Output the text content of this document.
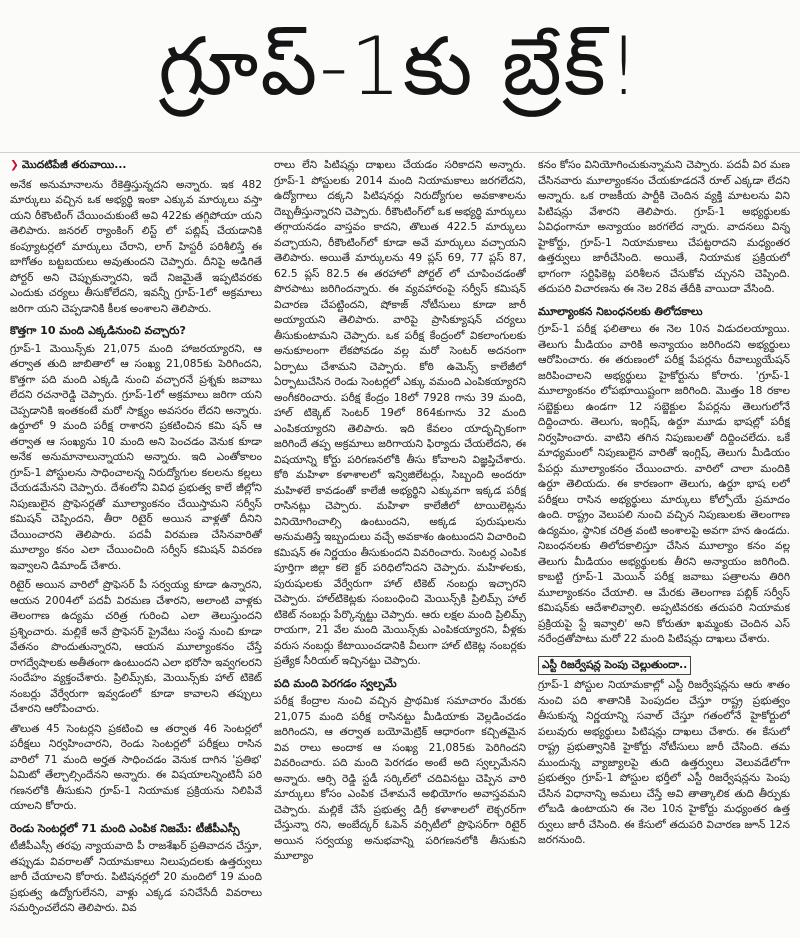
గ్రూప్-1కు బ్రేక్!

❯ మొదటిపేజీ తరువాయి...

అనేక అనుమానాలను రేకెత్తిస్తున్నదని అన్నారు. ఇక 482 మార్కులు వచ్చిన ఒక అభ్యర్థి ఇంకా ఎక్కువ మార్కులు వస్తా యని రీకౌంటింగ్ చేయించుకుంటే అవి 422కు తగ్గిపోయా యని తెలిపారు. జనరల్ ర్యాంకింగ్ లిస్ట్ లో పబ్లిష్ చేయడానికి కంప్యూటర్లలో మార్కులు చేరాని, లాగ్ హిస్టరీ పరిశీలిస్తే ఈ బాగోతం బట్టబయలు అవుతుందని చెప్పారు. దీనిపై అడిగితే పోర్టర్ అని చెప్పుకున్నారని, ఇదే నిజమైతే ఇప్పటివరకు ఎందుకు చర్యలు తీసుకోలేదని, ఇవన్నీ గ్రూప్-1లో అక్రమాలు జరిగా యని చెప్పడానికి కీలక అంశాలని తెలిపారు.

కొత్తగా 10 మంది ఎక్కడినుంచి వచ్చారు?

గ్రూప్-1 మెయిన్స్‌కు 21,075 మంది హాజరయ్యారని, ఆ తర్వాత తుది జాబితాలో ఆ సంఖ్య 21,085కు పెరిగిందని, కొత్తగా పది మంది ఎక్కడి నుంచి వచ్చారనే ప్రశ్నకు జవాబు లేదని రచనారెడ్డి చెప్పారు. గ్రూప్-1లో అక్రమాలు జరిగా యని చెప్పడానికి ఇంతకంటే మరో సాక్ష్యం అవసరం లేదని అన్నారు. ఉర్దూలో 9 మంది పరీక్ష రాశారని ప్రకటించిన కమి షన్ ఆ తర్వాత ఆ సంఖ్యను 10 మంది అని పెంచడం వెనుక కూడా అనేక అనుమానాలున్నాయని అన్నారు. ఇది ఎంతోకాలం గ్రూప్-1 పోస్టులను సాధించాలన్న నిరుద్యోగుల కలలను కల్లలు చేయడమేనని చెప్పారు. దేశంలోని వివిధ ప్రభుత్వ కాలే జీల్లోని నిపుణులైన ప్రొఫెసర్లతో మూల్యాంకనం చేయిస్తామని సర్వీస్ కమిషన్ చెప్పిందని, తీరా రిటైర్ అయిన వాళ్లతో దీనిని చేయించారని తెలిపారు. పదవీ విరమణ చేసినవారితో మూల్యాం కనం ఎలా చేయించింది సర్వీస్ కమిషన్ వివరణ ఇవ్వాలని డిమాండ్ చేశారు.

రిటైర్ అయిన వారిలో ప్రొఫెసర్ పీ సర్వయ్య కూడా ఉన్నారని, ఆయన 2004లో పదవీ విరమణ చేశారని, అలాంటి వాళ్లకు తెలంగాణ ఉద్యమ చరిత్ర గురించి ఎలా తెలుస్తుందని ప్రశ్నించారు. మల్లికే అనే ప్రొఫెసర్ ప్రైవేటు సంస్థ నుంచి కూడా వేతనం పొందుతున్నారని, ఆయన మూల్యాంకనం చేస్తే రాగద్వేషాలకు అతీతంగా ఉంటుందని ఎలా భరోసా ఇవ్వగలరని సందేహం వ్యక్తంచేశారు. ప్రిలిమ్స్‌కు, మెయిన్స్‌కు హాల్ టికెట్ నంబర్లు వేర్వేరుగా ఇవ్వడంలో కూడా కావాలని తప్పులు చేశారని ఆరోపించారు.

తొలుత 45 సెంటర్లని ప్రకటించి ఆ తర్వాత 46 సెంటర్లలో పరీక్షలు నిర్వహించారని, రెండు సెంటర్లలో పరీక్షలు రాసిన వారిలో 71 మంది అర్హత సాధించడం వెనుక దాగిన 'ప్రతిభ' ఏమిటో తేల్చాల్సిందేనని అన్నారు. ఈ విషయాలన్నింటినీ పరి గణనలోకి తీసుకుని గ్రూప్-1 నియామక ప్రక్రియను నిలిపివే యాలని కోరారు.

రెండు సెంటర్లలో 71 మంది ఎంపిక నిజమే: టీజీపీఎస్సీ

టీజీపీఎస్సీ తరఫు న్యాయవాది పీ రాజశేఖర్ ప్రతివాదన చేస్తూ, తప్పుడు వివరాలతో నియామకాలు నిలుపుదలకు ఉత్తర్వులు జారీ చేయాలని కోరారు. పిటిషనర్లలో 20 మందిలో 19 మంది ప్రభుత్వ ఉద్యోగులేనని, వాళ్లు ఎక్కడ పనిచేసేదీ వివరాలు సమర్పించలేదని తెలిపారు. వివ

రాలు లేని పిటిషన్లు దాఖలు చేయడం సరికాదని అన్నారు. గ్రూప్-1 పోస్టులకు 2014 మంది నియామకాలు జరగలేదని, ఉద్యోగాలు దక్కని పిటిషనర్లు నిరుద్యోగుల అవకాశాలను దెబ్బతీస్తున్నారని చెప్పారు. రీకౌంటింగ్‌లో ఒక అభ్యర్థి మార్కులు తగ్గాయనడం వాస్తవం కాదని, తొలుత 422.5 మార్కులు వచ్చాయని, రీకౌంటింగ్‌లో కూడా అవే మార్కులు వచ్చాయని తెలిపారు. అయితే మార్కులను 49 ప్లస్ 69, 77 ప్లస్ 87, 62.5 ప్లస్ 82.5 ఈ తరహాలో పోర్టల్ లో చూపించడంతో పొరపాటు జరిగిందన్నారు. ఈ వ్యవహారంపై సర్వీస్ కమిషన్ విచారణ చేపట్టిందని, షోకాజ్ నోటీసులు కూడా జారీ అయ్యాయని తెలిపారు. వారిపై ప్రాసిక్యూషన్ చర్యలు తీసుకుంటామని చెప్పారు. ఒక పరీక్ష కేంద్రంలో వికలాంగులకు అనుకూలంగా లేకపోవడం వల్ల మరో సెంటర్ అదనంగా ఏర్పాటు చేశామని చెప్పారు. కోఠి ఉమెన్స్ కాలేజీలో ఏర్పాటుచేసిన రెండు సెంటర్లలో ఎక్కు వమంది ఎంపికయ్యారని అంగీకరించారు. పరీక్ష కేంద్రం 18లో 7928 గాను 39 మంది, హాల్ టిక్కెట్ సెంటర్ 19లో 864కుగాను 32 మంది ఎంపికయ్యారని తెలిపారు. ఇది కేవలం యాదృచ్ఛికంగా జరిగిందే తప్ప అక్రమాలు జరిగాయని ఫిర్యాదు చేయలేదని, ఈ విషయాన్ని కోర్టు పరిగణనలోకి తీసు కోవాలని విజ్ఞప్తిచేశారు. కోఠి మహిళా కళాశాలలో ఇన్విజిలేటర్లు, సిబ్బంది అందరూ మహిళలే కావడంతో కాలేజీ అభ్యర్థిని ఎక్కువగా ఇక్కడ పరీక్ష రాసినట్లు చెప్పారు. మహిళా కాలేజీలో టాయిలెట్లను వినియోగించాల్సి ఉంటుందని, అక్కడ పురుషులను అనుమతిస్తే ఇబ్బందులు వచ్చే అవకాశం ఉంటుందని విచారించి కమిషన్ ఈ నిర్ణయం తీసుకుందని వివరించారు. సెంటర్ల ఎంపిక పూర్తిగా జిల్లా కలె క్టర్ పరిధిలోనిదని చెప్పారు. మహిళలకు, పురుషులకు వేర్వేరుగా హాల్ టికెట్ నంబర్లు ఇచ్చారని చెప్పారు. హాల్‌టికెట్లకు సంబంధించి మెయిన్స్‌కి ప్రిలిమ్స్‌ హాల్ టికెట్ నంబర్లు పేర్కొన్నట్టు చెప్పారు. ఆరు లక్షల మంది ప్రిలిమ్స్‌ రాయగా, 21 వేల మంది మెయిన్స్‌కు ఎంపికయ్యారని, వీళ్లకు వరుస నంబర్లు కేటాయించడానికి వీలుగా హాల్ టికెట్ల నంబర్లకు ప్రత్యేక సీరియల్ ఇచ్చినట్టు చెప్పారు.

పది మంది పెరగడం స్వల్పమే

పరీక్ష కేంద్రాల నుంచి వచ్చిన ప్రాథమిక సమాచారం మేరకు 21,075 మంది పరీక్ష రాసినట్టు మీడియాకు వెల్లడించడం జరిగిందని, ఆ తర్వాత బయోమెట్రిక్ ఆధారంగా కచ్చితమైన వివ రాలు అందాక ఆ సంఖ్య 21,085కు పెరిగిందని వివరించారు. పది మంది పెరగడం అంటే అది స్వల్పమేనని అన్నారు. ఆర్సి రెడ్డి స్టడీ సర్కిల్‌లో చదివినట్టు చెప్పిన వారి మార్కులు కోసం ఎంపిక చేశామనే అభియోగం అవాస్తవమని చెప్పారు. మల్లికే చేసే ప్రభుత్వ డిగ్రీ కళాశాలలో లెక్చరర్‌గా చేస్తున్నా రని, అంబేద్కర్ ఓపెన్ వర్సిటీలో ప్రొఫెసర్‌గా రిటైర్ అయిన సర్వయ్య అనుభవాన్ని పరిగణనలోకి తీసుకుని మూల్యాం

కనం కోసం వినియోగించుకున్నామని చెప్పారు. పదవీ విర మణ చేసినవారు మూల్యాంకనం చేయకూడదనే రూల్ ఎక్కడా లేదని అన్నారు. ఒక రాజకీయ పార్టీకి చెందిన వ్యక్తి మాటలను విని పిటిషన్లు వేశారని తెలిపారు. గ్రూప్-1 అభ్యర్థులకు ఏవిధంగానూ అన్యాయం జరగలేద న్నారు. వాదనలు విన్న హైకోర్టు, గ్రూప్-1 నియామకాలు చేపట్టరాదని మధ్యంతర ఉత్తర్వులు జారీచేసింది. అయితే, నియామక ప్రక్రియలో భాగంగా సర్టిఫికెట్ల పరిశీలన చేసుకోవ చ్చునని చెప్పింది. తదుపరి విచారణను ఈ నెల 28వ తేదీకి వాయిదా వేసింది.

మూల్యాంకన నిబంధనలకు తిలోదకాలు

గ్రూప్-1 పరీక్ష ఫలితాలు ఈ నెల 10న విడుదలయ్యాయి. తెలుగు మీడియం వారికి అన్యాయం జరిగిందని అభ్యర్థులు ఆరోపించారు. ఈ తరుణంలో పరీక్ష పేపర్లను రీవాల్యుయేషన్ జరిపించాలని అభ్యర్థులు హైకోర్టును కోరారు. 'గ్రూప్-1 మూల్యాంకనం లోపభూయిష్టంగా జరిగింది. మొత్తం 18 రకాల సబ్జెక్టులు ఉండగా 12 సబ్జెక్టుల పేపర్లను తెలుగులోనే దిద్దించారు. తెలుగు, ఇంగ్లిష్, ఉర్దూ మూడు భాషల్లో పరీక్ష నిర్వహించారు. వాటిని తగిన నిపుణులతో దిద్దించలేదు. ఒకే మాధ్యమంలో నిపుణులైన వారితో ఇంగ్లిష్, తెలుగు మీడియం పేపర్లు మూల్యాంకనం చేయించారు. వారిలో చాలా మందికి ఉర్దూ తెలియదు. ఈ కారణంగా తెలుగు, ఉర్దూ భాష లలో పరీక్షలు రాసిన అభ్యర్థులు మార్కులు కోల్పోయే ప్రమాదం ఉంది. రాష్ట్రం వెలుపలి నుంచి వచ్చిన నిపుణులకు తెలంగాణ ఉద్యమం, స్థానిక చరిత్ర వంటి అంశాలపై అవగా హన ఉండదు. నిబంధనలకు తిలోదకాలిస్తూ చేసిన మూల్యాం కనం వల్ల తెలుగు మీడియం అభ్యర్థులకు తీరని అన్యాయం జరిగింది. కాబట్టి గ్రూప్-1 మెయిన్ పరీక్ష జవాబు పత్రాలను తిరిగి మూల్యాంకనం చేయాలి. ఆ మేరకు తెలంగాణ పబ్లిక్ సర్వీస్ కమిషన్‌కు ఆదేశాలివ్వాలి. అప్పటివరకు తదుపరి నియామక ప్రక్రియపై స్టే ఇవ్వాలి' అని కోరుతూ ఖమ్మంకు చెందిన ఎస్ నరేంద్రతోపాటు మరో 22 మంది పిటిషన్లు దాఖలు చేశారు.

ఎస్టీ రిజర్వేషన్ల పెంపు చెల్లుతుందా..

గ్రూప్-1 పోస్టుల నియామకాల్లో ఎస్టీ రిజర్వేషన్లను ఆరు శాతం నుంచి పది శాతానికి పెంపుదల చేస్తూ రాష్ట్ర ప్రభుత్వం తీసుకున్న నిర్ణయాన్ని సవాల్ చేస్తూ గతంలోనే హైకోర్టులో పలువురు అభ్యర్థులు పిటిషన్లు దాఖలు చేశారు. ఈ కేసులో రాష్ట్ర ప్రభుత్వానికి హైకోర్టు నోటీసులు జారీ చేసింది. తమ ముందున్న వ్యాజ్యాలపై తుది ఉత్తర్వులు వెలువడేలోగా ప్రభుత్వం గ్రూప్-1 పోస్టుల భర్తీలో ఎస్టీ రిజర్వేషన్లను పెంపు చేసిన విధానాన్ని అమలు చేస్తే అవి తాత్కాలిక తుది తీర్పుకు లోబడి ఉంటాయని ఈ నెల 10న హైకోర్టు మధ్యంతర ఉత్త ర్వులు జారీ చేసింది. ఈ కేసులో తదుపరి విచారణ జూన్ 12న జరగనుంది.
